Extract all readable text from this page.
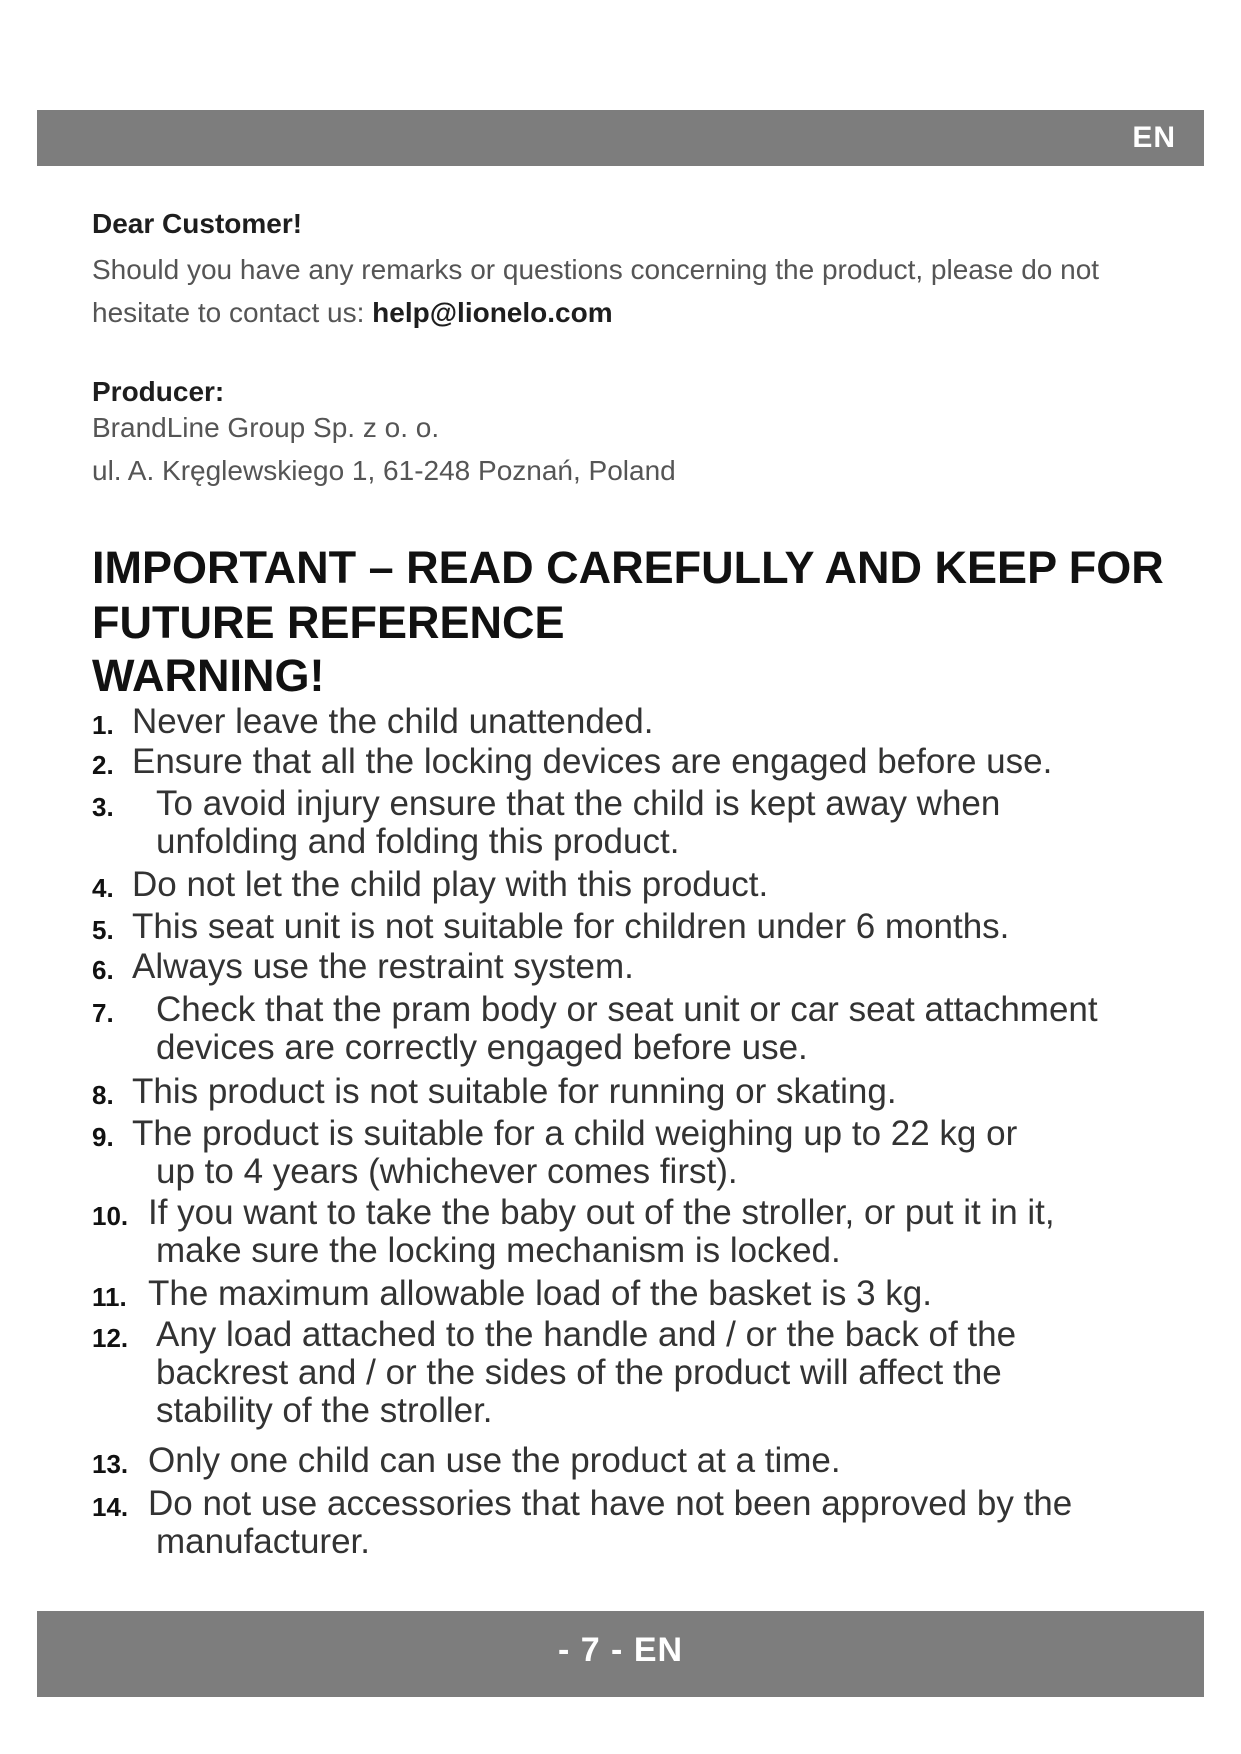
EN
Dear Customer!
Should you have any remarks or questions concerning the product, please do not hesitate to contact us: help@lionelo.com
Producer:
BrandLine Group Sp. z o. o.
ul. A. Kręglewskiego 1, 61-248 Poznań, Poland
IMPORTANT – READ CAREFULLY AND KEEP FOR FUTURE REFERENCE
WARNING!
1. Never leave the child unattended.
2. Ensure that all the locking devices are engaged before use.
3. To avoid injury ensure that the child is kept away when
unfolding and folding this product.
4. Do not let the child play with this product.
5. This seat unit is not suitable for children under 6 months.
6. Always use the restraint system.
7. Check that the pram body or seat unit or car seat attachment
devices are correctly engaged before use.
8. This product is not suitable for running or skating.
9. The product is suitable for a child weighing up to 22 kg or
up to 4 years (whichever comes first).
10. If you want to take the baby out of the stroller, or put it in it,
make sure the locking mechanism is locked.
11. The maximum allowable load of the basket is 3 kg.
12. Any load attached to the handle and / or the back of the
backrest and / or the sides of the product will affect the
stability of the stroller.
13. Only one child can use the product at a time.
14. Do not use accessories that have not been approved by the
manufacturer.
- 7 - EN
